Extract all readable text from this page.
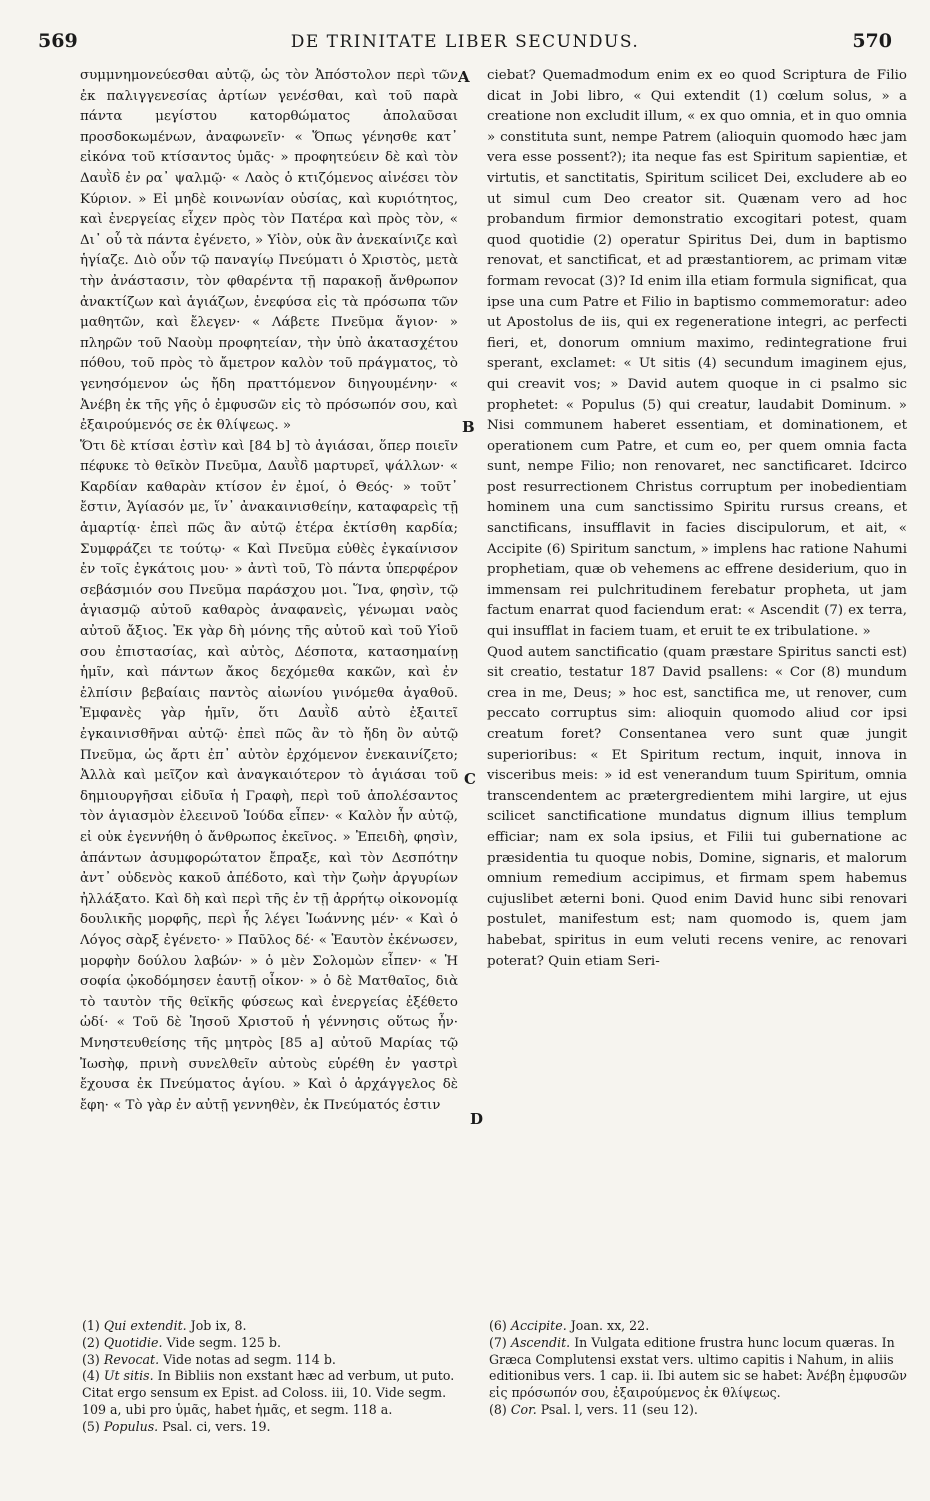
569	DE TRINITATE LIBER SECUNDUS.	570

συμμνημονεύεσθαι αὐτῷ, ὡς τὸν Ἀπόστολον περὶ τῶν ἐκ παλιγγενεσίας ἀρτίων γενέσθαι, καὶ τοῦ παρὰ πάντα μεγίστου κατορθώματος ἀπολαῦσαι προσδοκωμένων, ἀναφωνεῖν· « Ὅπως γένησθε κατ᾽ εἰκόνα τοῦ κτίσαντος ὑμᾶς· » προφητεύειν δὲ καὶ τὸν Δαυῒδ ἐν ρα᾽ ψαλμῷ· « Λαὸς ὁ κτιζόμενος αἰνέσει τὸν Κύριον. » Εἰ μηδὲ κοινωνίαν οὐσίας, καὶ κυριότητος, καὶ ἐνεργείας εἶχεν πρὸς τὸν Πατέρα καὶ πρὸς τὸν, « Δι᾽ οὗ τὰ πάντα ἐγένετο, » Υἱὸν, οὐκ ἂν ἀνεκαίνιζε καὶ ἡγίαζε. Διὸ οὖν τῷ παναγίῳ Πνεύματι ὁ Χριστὸς, μετὰ τὴν ἀνάστασιν, τὸν φθαρέντα τῇ παρακοῇ ἄνθρωπον ἀνακτίζων καὶ ἁγιάζων, ἐνεφύσα εἰς τὰ πρόσωπα τῶν μαθητῶν, καὶ ἔλεγεν· « Λάβετε Πνεῦμα ἅγιον· » πληρῶν τοῦ Ναοὺμ προφητείαν, τὴν ὑπὸ ἀκατασχέτου πόθου, τοῦ πρὸς τὸ ἄμετρον καλὸν τοῦ πράγματος, τὸ γενησόμενον ὡς ἤδη πραττόμενον διηγουμένην· « Ἀνέβη ἐκ τῆς γῆς ὁ ἐμφυσῶν εἰς τὸ πρόσωπόν σου, καὶ ἐξαιρούμενός σε ἐκ θλίψεως. »

Ὅτι δὲ κτίσαι ἐστὶν καὶ [84 b] τὸ ἁγιάσαι, ὅπερ ποιεῖν πέφυκε τὸ θεῖκὸν Πνεῦμα, Δαυῒδ μαρτυρεῖ, ψάλλων· « Καρδίαν καθαρὰν κτίσον ἐν ἐμοί, ὁ Θεός· » τοῦτ᾽ ἔστιν, Ἁγίασόν με, ἵν᾽ ἀνακαινισθείην, καταφαρεὶς τῇ ἁμαρτίᾳ· ἐπεὶ πῶς ἂν αὐτῷ ἑτέρα ἐκτίσθη καρδία; Συμφράζει τε τούτῳ· « Καὶ Πνεῦμα εὐθὲς ἐγκαίνισον ἐν τοῖς ἐγκάτοις μου· » ἀντὶ τοῦ, Τὸ πάντα ὑπερφέρον σεβάσμιόν σου Πνεῦμα παράσχου μοι. Ἵνα, φησὶν, τῷ ἁγιασμῷ αὐτοῦ καθαρὸς ἀναφανεὶς, γένωμαι ναὸς αὐτοῦ ἄξιος. Ἐκ γὰρ δὴ μόνης τῆς αὐτοῦ καὶ τοῦ Υἱοῦ σου ἐπιστασίας, καὶ αὐτὸς, Δέσποτα, κατασημαίνῃ ἡμῖν, καὶ πάντων ἄκος δεχόμεθα κακῶν, καὶ ἐν ἐλπίσιν βεβαίαις παντὸς αἰωνίου γινόμεθα ἀγαθοῦ. Ἐμφανὲς γὰρ ἡμῖν, ὅτι Δαυῒδ αὐτὸ ἐξαιτεῖ ἐγκαινισθῆναι αὐτῷ· ἐπεὶ πῶς ἂν τὸ ἤδη ὂν αὐτῷ Πνεῦμα, ὡς ἄρτι ἐπ᾽ αὐτὸν ἐρχόμενον ἐνεκαινίζετο; Ἀλλὰ καὶ μεῖζον καὶ ἀναγκαιότερον τὸ ἁγιάσαι τοῦ δημιουργῆσαι εἰδυῖα ἡ Γραφὴ, περὶ τοῦ ἀπολέσαντος τὸν ἁγιασμὸν ἐλεεινοῦ Ἰούδα εἶπεν· « Καλὸν ἦν αὐτῷ, εἰ οὐκ ἐγεννήθη ὁ ἄνθρωπος ἐκεῖνος. » Ἐπειδὴ, φησὶν, ἁπάντων ἀσυμφορώτατον ἔπραξε, καὶ τὸν Δεσπότην ἀντ᾽ οὐδενὸς κακοῦ ἀπέδοτο, καὶ τὴν ζωὴν ἀργυρίων ἠλλάξατο. Καὶ δὴ καὶ περὶ τῆς ἐν τῇ ἀρρήτῳ οἰκονομίᾳ δουλικῆς μορφῆς, περὶ ἧς λέγει Ἰωάννης μέν· « Καὶ ὁ Λόγος σὰρξ ἐγένετο· » Παῦλος δέ· « Ἑαυτὸν ἐκένωσεν, μορφὴν δούλου λαβών· » ὁ μὲν Σολομὼν εἶπεν· « Ἡ σοφία ᾠκοδόμησεν ἑαυτῇ οἶκον· » ὁ δὲ Ματθαῖος, διὰ τὸ ταυτὸν τῆς θεϊκῆς φύσεως καὶ ἐνεργείας ἐξέθετο ὡδί· « Τοῦ δὲ Ἰησοῦ Χριστοῦ ἡ γέννησις οὕτως ἦν· Μνηστευθείσης τῆς μητρὸς [85 a] αὐτοῦ Μαρίας τῷ Ἰωσὴφ, πρινὴ συνελθεῖν αὐτοὺς εὑρέθη ἐν γαστρὶ ἔχουσα ἐκ Πνεύματος ἁγίου. » Καὶ ὁ ἀρχάγγελος δὲ ἔφη· « Τὸ γὰρ ἐν αὐτῇ γεννηθὲν, ἐκ Πνεύματός ἐστιν

A
B
C
D

ciebat? Quemadmodum enim ex eo quod Scriptura de Filio dicat in Jobi libro, « Qui extendit (1) cœlum solus, » a creatione non excludit illum, « ex quo omnia, et in quo omnia » constituta sunt, nempe Patrem (alioquin quomodo hæc jam vera esse possent?); ita neque fas est Spiritum sapientiæ, et virtutis, et sanctitatis, Spiritum scilicet Dei, excludere ab eo ut simul cum Deo creator sit. Quænam vero ad hoc probandum firmior demonstratio excogitari potest, quam quod quotidie (2) operatur Spiritus Dei, dum in baptismo renovat, et sanctificat, et ad præstantiorem, ac primam vitæ formam revocat (3)? Id enim illa etiam formula significat, qua ipse una cum Patre et Filio in baptismo commemoratur: adeo ut Apostolus de iis, qui ex regeneratione integri, ac perfecti fieri, et, donorum omnium maximo, redintegratione frui sperant, exclamet: « Ut sitis (4) secundum imaginem ejus, qui creavit vos; » David autem quoque in ci psalmo sic prophetet: « Populus (5) qui creatur, laudabit Dominum. » Nisi communem haberet essentiam, et dominationem, et operationem cum Patre, et cum eo, per quem omnia facta sunt, nempe Filio; non renovaret, nec sanctificaret. Idcirco post resurrectionem Christus corruptum per inobedientiam hominem una cum sanctissimo Spiritu rursus creans, et sanctificans, insufflavit in facies discipulorum, et ait, « Accipite (6) Spiritum sanctum, » implens hac ratione Nahumi prophetiam, quæ ob vehemens ac effrene desiderium, quo in immensam rei pulchritudinem ferebatur propheta, ut jam factum enarrat quod faciendum erat: « Ascendit (7) ex terra, qui insufflat in faciem tuam, et eruit te ex tribulatione. »

Quod autem sanctificatio (quam præstare Spiritus sancti est) sit creatio, testatur 187 David psallens: « Cor (8) mundum crea in me, Deus; » hoc est, sanctifica me, ut renover, cum peccato corruptus sim: alioquin quomodo aliud cor ipsi creatum foret? Consentanea vero sunt quæ jungit superioribus: « Et Spiritum rectum, inquit, innova in visceribus meis: » id est venerandum tuum Spiritum, omnia transcendentem ac prætergredientem mihi largire, ut ejus scilicet sanctificatione mundatus dignum illius templum efficiar; nam ex sola ipsius, et Filii tui gubernatione ac præsidentia tu quoque nobis, Domine, signaris, et malorum omnium remedium accipimus, et firmam spem habemus cujuslibet æterni boni. Quod enim David hunc sibi renovari postulet, manifestum est; nam quomodo is, quem jam habebat, spiritus in eum veluti recens venire, ac renovari poterat? Quin etiam Seri-

(1) Qui extendit. Job ix, 8.

(2) Quotidie. Vide segm. 125 b.

(3) Revocat. Vide notas ad segm. 114 b.

(4) Ut sitis. In Bibliis non exstant hæc ad verbum, ut puto. Citat ergo sensum ex Epist. ad Coloss. iii, 10. Vide segm. 109 a, ubi pro ὑμᾶς, habet ἡμᾶς, et segm. 118 a.

(5) Populus. Psal. ci, vers. 19.

(6) Accipite. Joan. xx, 22.

(7) Ascendit. In Vulgata editione frustra hunc locum quæras. In Græca Complutensi exstat vers. ultimo capitis i Nahum, in aliis editionibus vers. 1 cap. ii. Ibi autem sic se habet: Ἀνέβη ἐμφυσῶν εἰς πρόσωπόν σου, ἐξαιρούμενος ἐκ θλίψεως.

(8) Cor. Psal. l, vers. 11 (seu 12).
